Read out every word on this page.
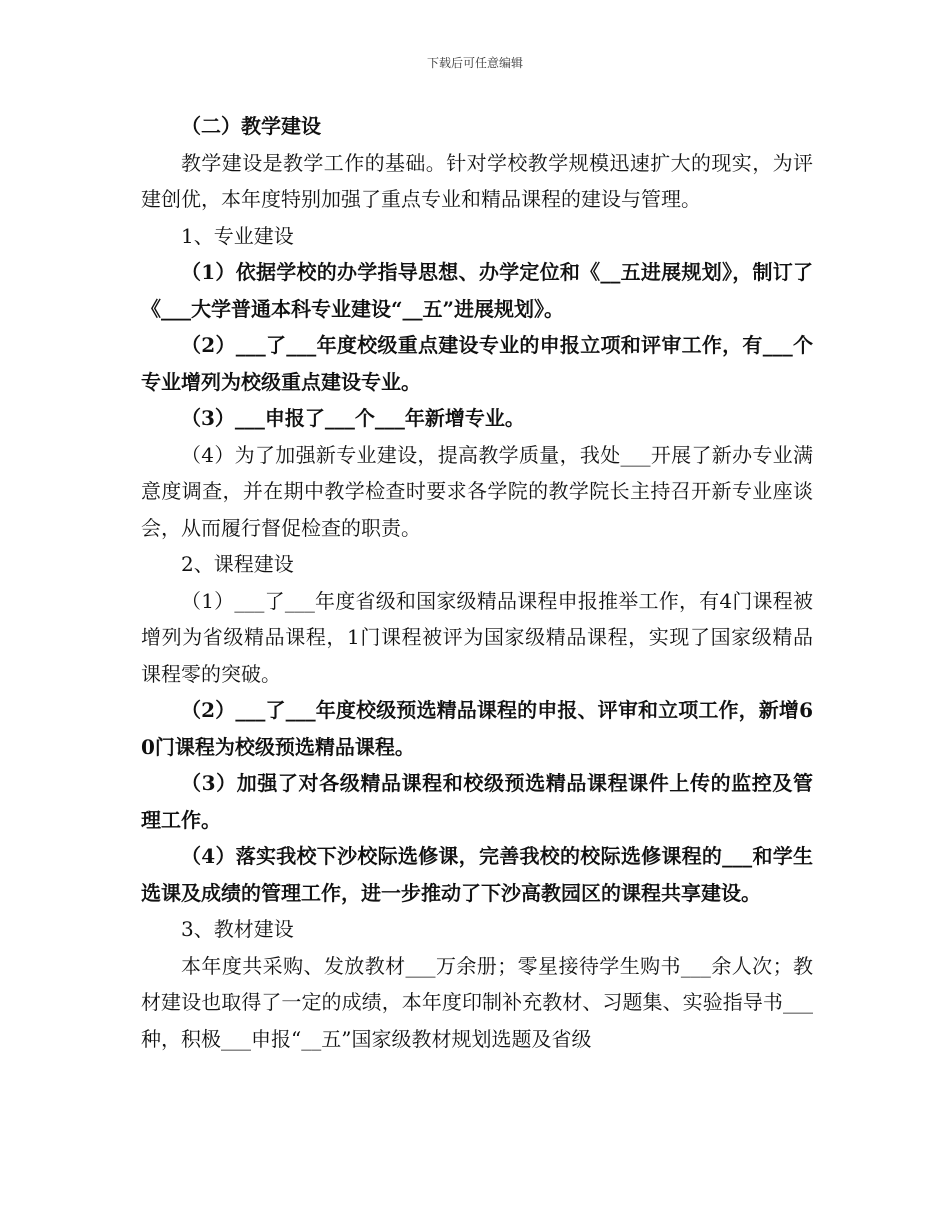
下载后可任意编辑

（二）教学建设

教学建设是教学工作的基础。针对学校教学规模迅速扩大的现实，为评建创优，本年度特别加强了重点专业和精品课程的建设与管理。

1、专业建设

（1）依据学校的办学指导思想、办学定位和《__五进展规划》，制订了《___大学普通本科专业建设“__五”进展规划》。

（2）___了___年度校级重点建设专业的申报立项和评审工作，有___个专业增列为校级重点建设专业。

（3）___申报了___个___年新增专业。

（4）为了加强新专业建设，提高教学质量，我处___开展了新办专业满意度调查，并在期中教学检查时要求各学院的教学院长主持召开新专业座谈会，从而履行督促检查的职责。

2、课程建设

（1）___了___年度省级和国家级精品课程申报推举工作，有4门课程被增列为省级精品课程，1门课程被评为国家级精品课程，实现了国家级精品课程零的突破。

（2）___了___年度校级预选精品课程的申报、评审和立项工作，新增60门课程为校级预选精品课程。

（3）加强了对各级精品课程和校级预选精品课程课件上传的监控及管理工作。

（4）落实我校下沙校际选修课，完善我校的校际选修课程的___和学生选课及成绩的管理工作，进一步推动了下沙高教园区的课程共享建设。

3、教材建设

本年度共采购、发放教材___万余册；零星接待学生购书___余人次；教材建设也取得了一定的成绩，本年度印制补充教材、习题集、实验指导书___种，积极___申报“__五”国家级教材规划选题及省级
